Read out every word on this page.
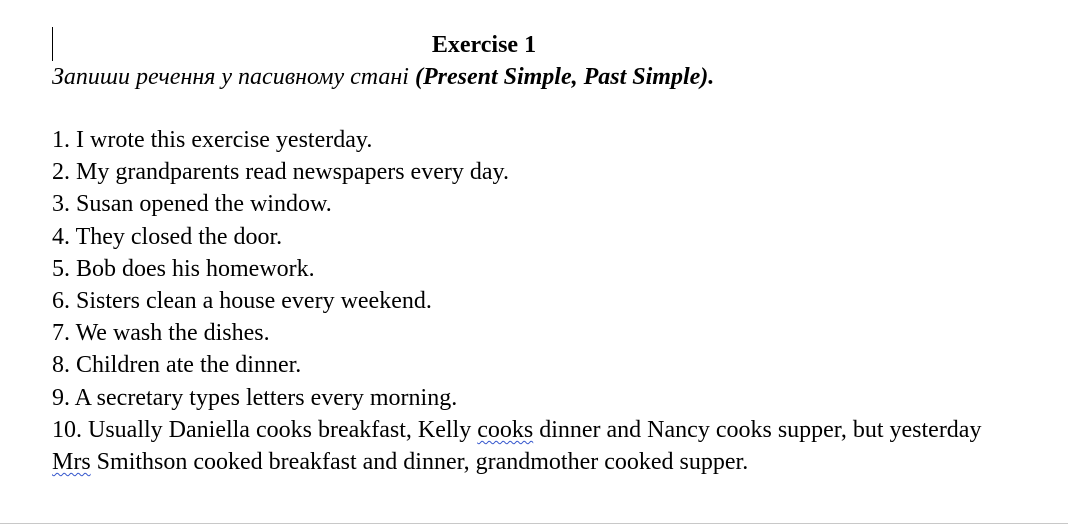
Exercise 1
Запиши речення у пасивному стані (Present Simple, Past Simple).
1. I wrote this exercise yesterday.
2. My grandparents read newspapers every day.
3. Susan opened the window.
4. They closed the door.
5. Bob does his homework.
6. Sisters clean a house every weekend.
7. We wash the dishes.
8. Children ate the dinner.
9. A secretary types letters every morning.
10. Usually Daniella cooks breakfast, Kelly cooks dinner and Nancy cooks supper, but yesterday Mrs Smithson cooked breakfast and dinner, grandmother cooked supper.
